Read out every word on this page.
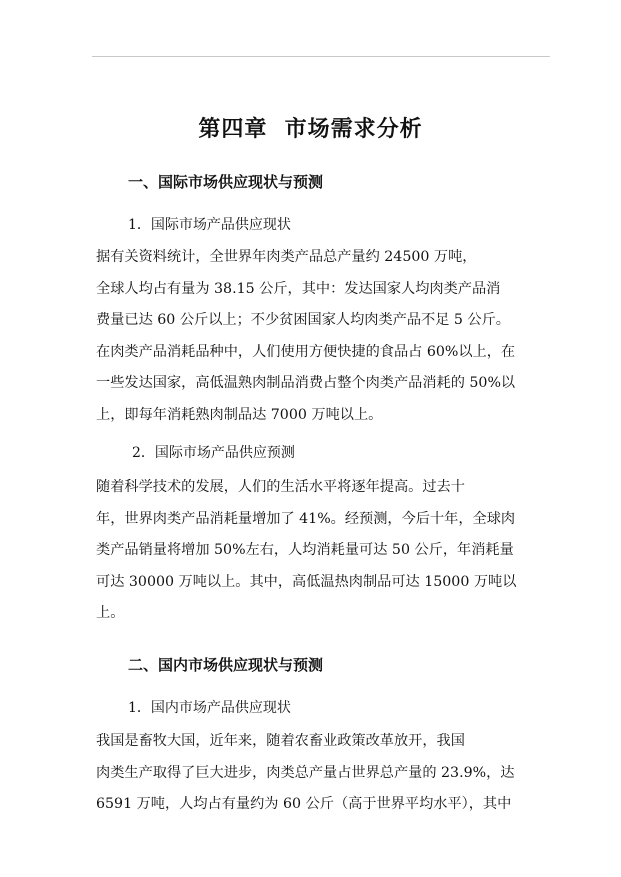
第四章  市场需求分析
一、国际市场供应现状与预测
1．国际市场产品供应现状
据有关资料统计，全世界年肉类产品总产量约 24500 万吨，
全球人均占有量为 38.15 公斤，其中：发达国家人均肉类产品消
费量已达 60 公斤以上；不少贫困国家人均肉类产品不足 5 公斤。
在肉类产品消耗品种中，人们使用方便快捷的食品占 60%以上，在
一些发达国家，高低温熟肉制品消费占整个肉类产品消耗的 50%以
上，即每年消耗熟肉制品达 7000 万吨以上。
2．国际市场产品供应预测
随着科学技术的发展，人们的生活水平将逐年提高。过去十
年，世界肉类产品消耗量增加了 41%。经预测，今后十年，全球肉
类产品销量将增加 50%左右，人均消耗量可达 50 公斤，年消耗量
可达 30000 万吨以上。其中，高低温热肉制品可达 15000 万吨以
上。
二、国内市场供应现状与预测
1．国内市场产品供应现状
我国是畜牧大国，近年来，随着农畜业政策改革放开，我国
肉类生产取得了巨大进步，肉类总产量占世界总产量的 23.9%，达
6591 万吨，人均占有量约为 60 公斤（高于世界平均水平），其中
